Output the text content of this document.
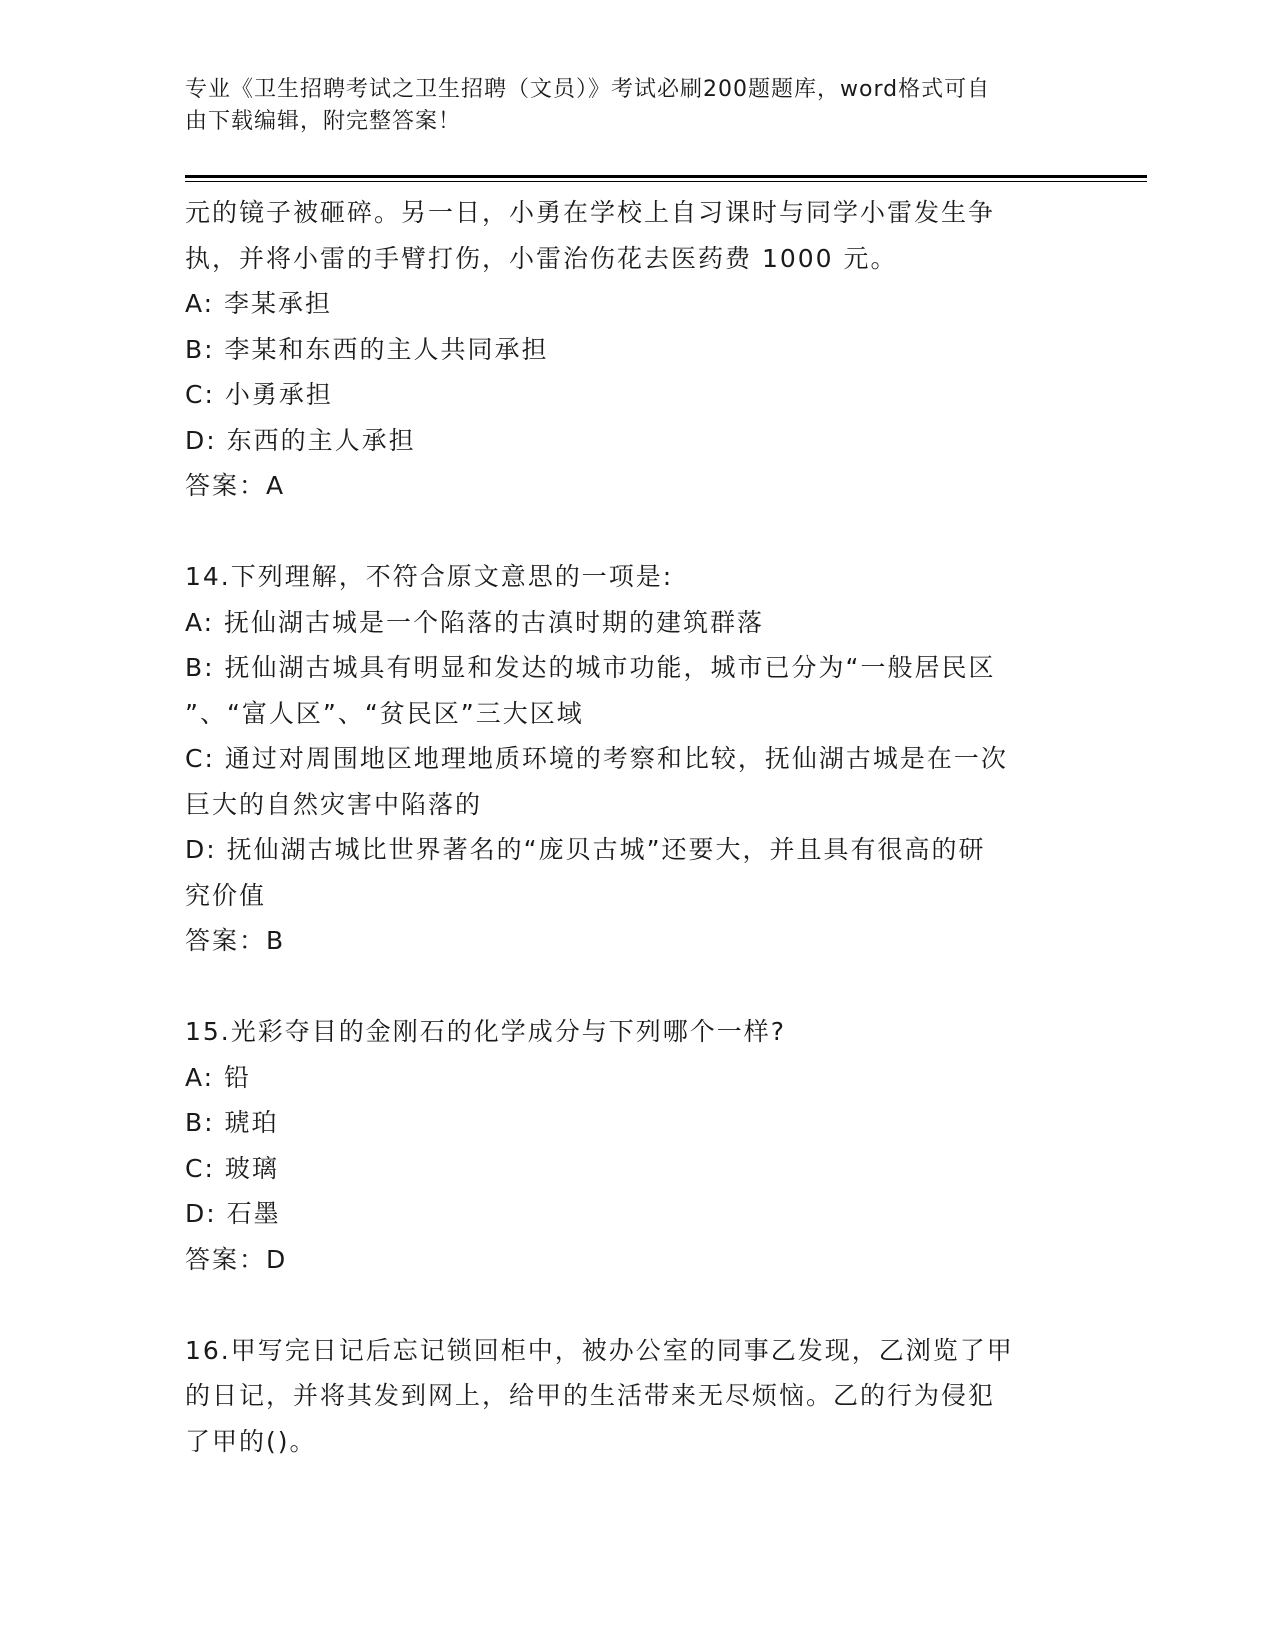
专业《卫生招聘考试之卫生招聘（文员）》考试必刷200题题库，word格式可自
由下载编辑，附完整答案！
元的镜子被砸碎。另一日，小勇在学校上自习课时与同学小雷发生争
执，并将小雷的手臂打伤，小雷治伤花去医药费 1000 元。
A: 李某承担
B: 李某和东西的主人共同承担
C: 小勇承担
D: 东西的主人承担
答案：A
14.下列理解，不符合原文意思的一项是:
A: 抚仙湖古城是一个陷落的古滇时期的建筑群落
B: 抚仙湖古城具有明显和发达的城市功能，城市已分为“一般居民区
”、“富人区”、“贫民区”三大区域
C: 通过对周围地区地理地质环境的考察和比较，抚仙湖古城是在一次
巨大的自然灾害中陷落的
D: 抚仙湖古城比世界著名的“庞贝古城”还要大，并且具有很高的研
究价值
答案：B
15.光彩夺目的金刚石的化学成分与下列哪个一样?
A: 铅
B: 琥珀
C: 玻璃
D: 石墨
答案：D
16.甲写完日记后忘记锁回柜中，被办公室的同事乙发现，乙浏览了甲
的日记，并将其发到网上，给甲的生活带来无尽烦恼。乙的行为侵犯
了甲的()。
